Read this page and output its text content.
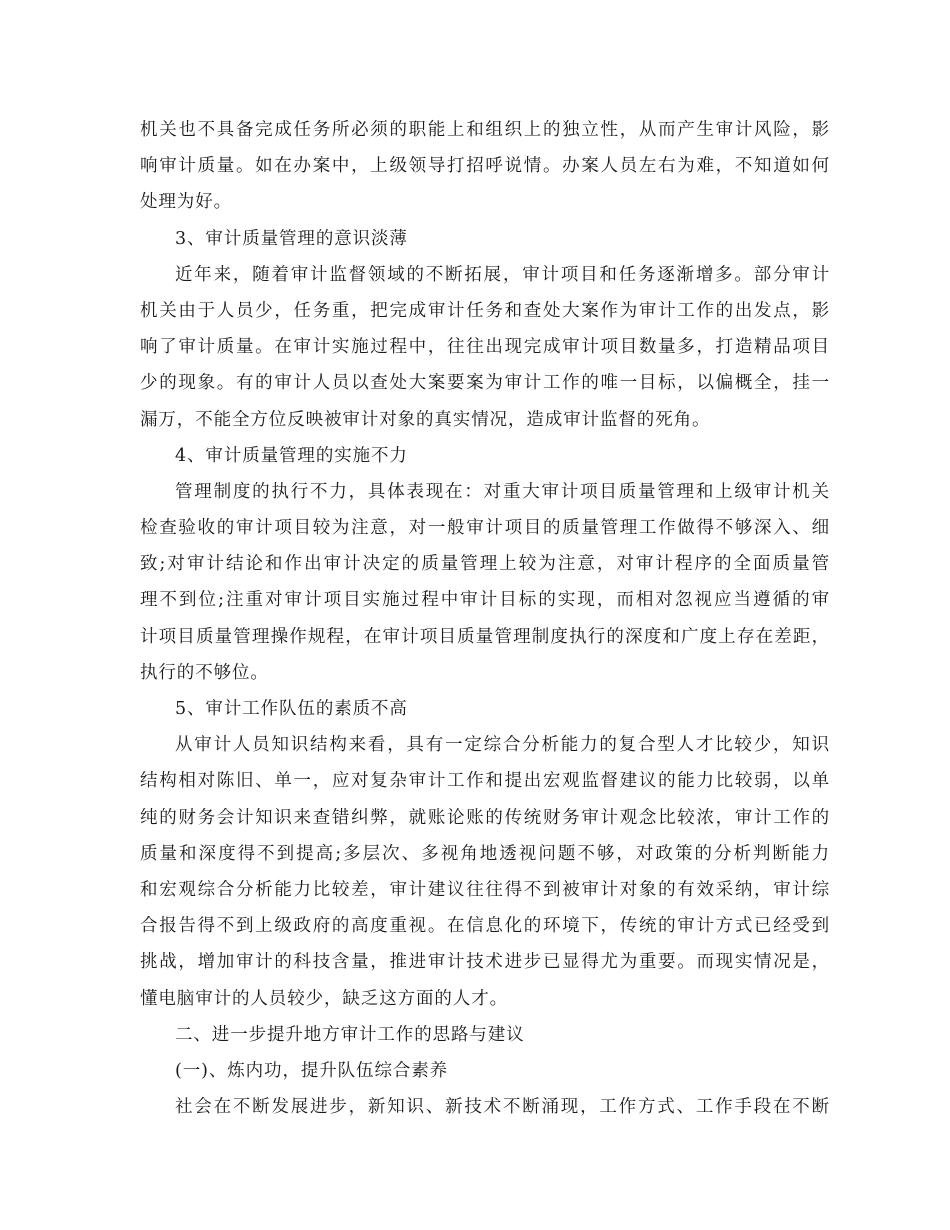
机关也不具备完成任务所必须的职能上和组织上的独立性，从而产生审计风险，影
响审计质量。如在办案中，上级领导打招呼说情。办案人员左右为难，不知道如何
处理为好。
3、审计质量管理的意识淡薄
近年来，随着审计监督领域的不断拓展，审计项目和任务逐渐增多。部分审计
机关由于人员少，任务重，把完成审计任务和查处大案作为审计工作的出发点，影
响了审计质量。在审计实施过程中，往往出现完成审计项目数量多，打造精品项目
少的现象。有的审计人员以查处大案要案为审计工作的唯一目标，以偏概全，挂一
漏万，不能全方位反映被审计对象的真实情况，造成审计监督的死角。
4、审计质量管理的实施不力
管理制度的执行不力，具体表现在：对重大审计项目质量管理和上级审计机关
检查验收的审计项目较为注意，对一般审计项目的质量管理工作做得不够深入、细
致;对审计结论和作出审计决定的质量管理上较为注意，对审计程序的全面质量管
理不到位;注重对审计项目实施过程中审计目标的实现，而相对忽视应当遵循的审
计项目质量管理操作规程，在审计项目质量管理制度执行的深度和广度上存在差距，
执行的不够位。
5、审计工作队伍的素质不高
从审计人员知识结构来看，具有一定综合分析能力的复合型人才比较少，知识
结构相对陈旧、单一，应对复杂审计工作和提出宏观监督建议的能力比较弱，以单
纯的财务会计知识来查错纠弊，就账论账的传统财务审计观念比较浓，审计工作的
质量和深度得不到提高;多层次、多视角地透视问题不够，对政策的分析判断能力
和宏观综合分析能力比较差，审计建议往往得不到被审计对象的有效采纳，审计综
合报告得不到上级政府的高度重视。在信息化的环境下，传统的审计方式已经受到
挑战，增加审计的科技含量，推进审计技术进步已显得尤为重要。而现实情况是，
懂电脑审计的人员较少，缺乏这方面的人才。
二、进一步提升地方审计工作的思路与建议
(一)、炼内功，提升队伍综合素养
社会在不断发展进步，新知识、新技术不断涌现，工作方式、工作手段在不断
